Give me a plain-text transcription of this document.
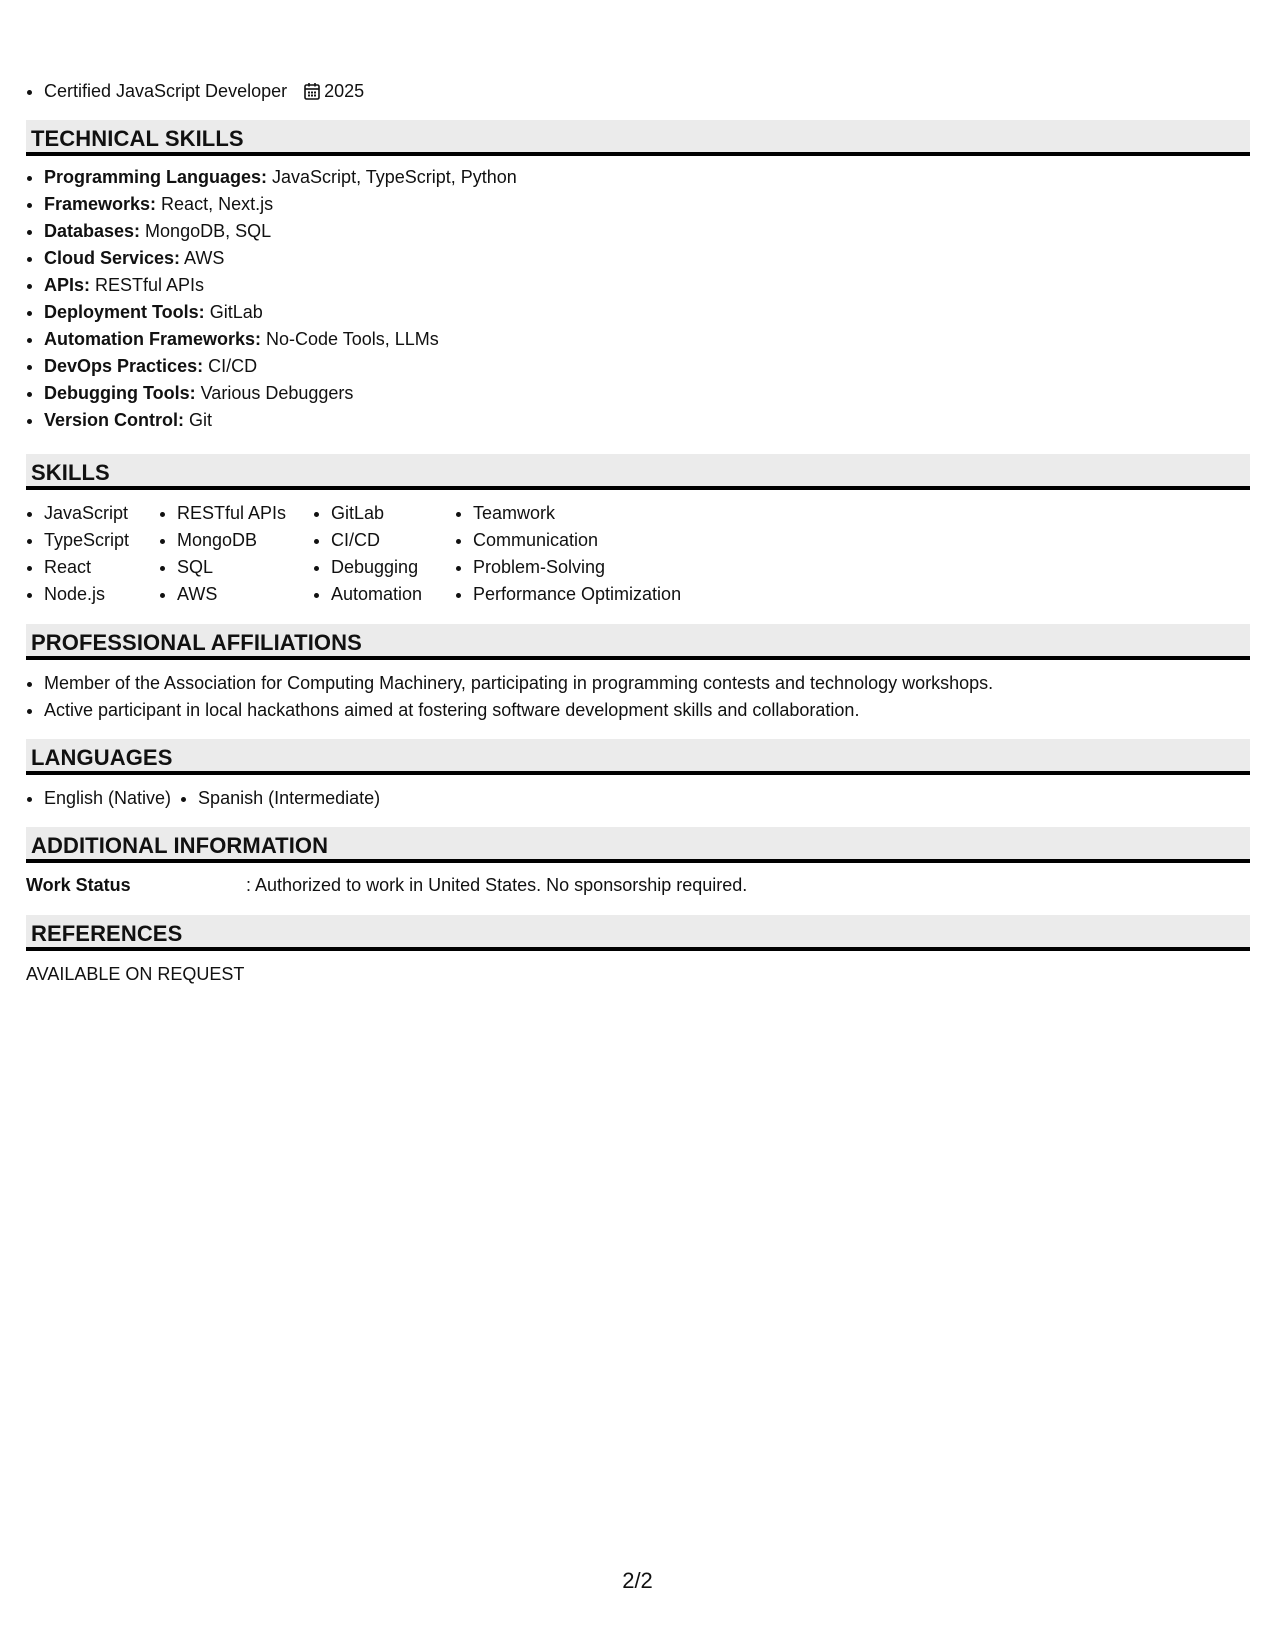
• Certified JavaScript Developer 2025
TECHNICAL SKILLS
• Programming Languages: JavaScript, TypeScript, Python
• Frameworks: React, Next.js
• Databases: MongoDB, SQL
• Cloud Services: AWS
• APIs: RESTful APIs
• Deployment Tools: GitLab
• Automation Frameworks: No-Code Tools, LLMs
• DevOps Practices: CI/CD
• Debugging Tools: Various Debuggers
• Version Control: Git
SKILLS
• JavaScript
• TypeScript
• React
• Node.js
• RESTful APIs
• MongoDB
• SQL
• AWS
• GitLab
• CI/CD
• Debugging
• Automation
• Teamwork
• Communication
• Problem-Solving
• Performance Optimization
PROFESSIONAL AFFILIATIONS
• Member of the Association for Computing Machinery, participating in programming contests and technology workshops.
• Active participant in local hackathons aimed at fostering software development skills and collaboration.
LANGUAGES
• English (Native)
• Spanish (Intermediate)
ADDITIONAL INFORMATION
Work Status	: Authorized to work in United States. No sponsorship required.
REFERENCES
AVAILABLE ON REQUEST
2/2
